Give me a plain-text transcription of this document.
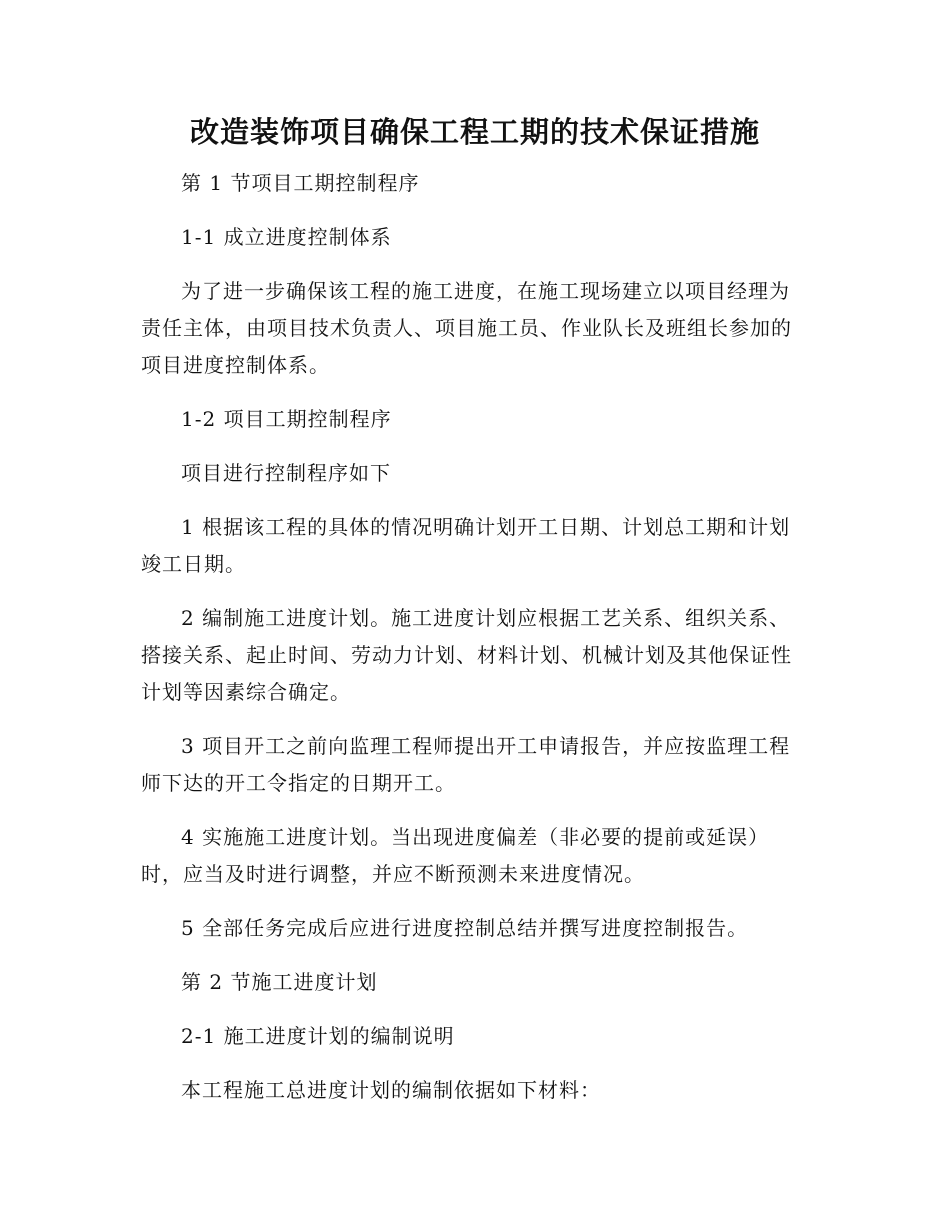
改造装饰项目确保工程工期的技术保证措施

第 1 节项目工期控制程序

1-1 成立进度控制体系

为了进一步确保该工程的施工进度，在施工现场建立以项目经理为责任主体，由项目技术负责人、项目施工员、作业队长及班组长参加的项目进度控制体系。

1-2 项目工期控制程序

项目进行控制程序如下

1 根据该工程的具体的情况明确计划开工日期、计划总工期和计划竣工日期。

2 编制施工进度计划。施工进度计划应根据工艺关系、组织关系、搭接关系、起止时间、劳动力计划、材料计划、机械计划及其他保证性计划等因素综合确定。

3 项目开工之前向监理工程师提出开工申请报告，并应按监理工程师下达的开工令指定的日期开工。

4 实施施工进度计划。当出现进度偏差（非必要的提前或延误）时，应当及时进行调整，并应不断预测未来进度情况。

5 全部任务完成后应进行进度控制总结并撰写进度控制报告。

第 2 节施工进度计划

2-1 施工进度计划的编制说明

本工程施工总进度计划的编制依据如下材料：
